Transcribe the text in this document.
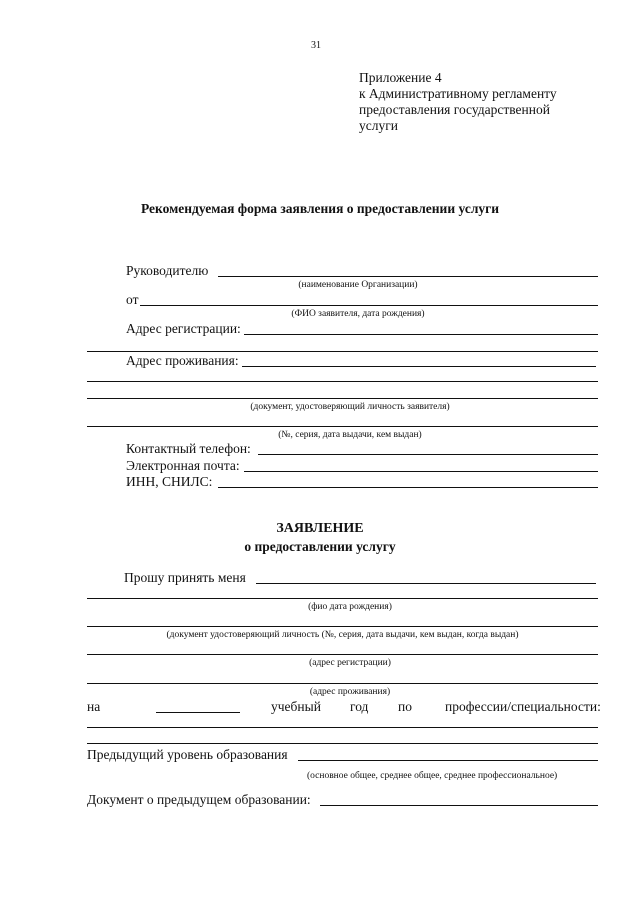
31
Приложение 4
к Административному регламенту
предоставления государственной
услуги
Рекомендуемая форма заявления о предоставлении услуги
Руководителю
(наименование Организации)
от
(ФИО заявителя, дата рождения)
Адрес регистрации:
Адрес проживания:
(документ, удостоверяющий личность заявителя)
(№, серия, дата выдачи, кем выдан)
Контактный телефон:
Электронная почта:
ИНН, СНИЛС:
ЗАЯВЛЕНИЕ
о предоставлении услугу
Прошу принять меня
(фио дата рождения)
(документ удостоверяющий личность (№, серия, дата выдачи, кем выдан, когда выдан)
(адрес регистрации)
(адрес проживания)
на	учебный год по профессии/специальности:
Предыдущий уровень образования
(основное общее, среднее общее, среднее профессиональное)
Документ о предыдущем образовании:
